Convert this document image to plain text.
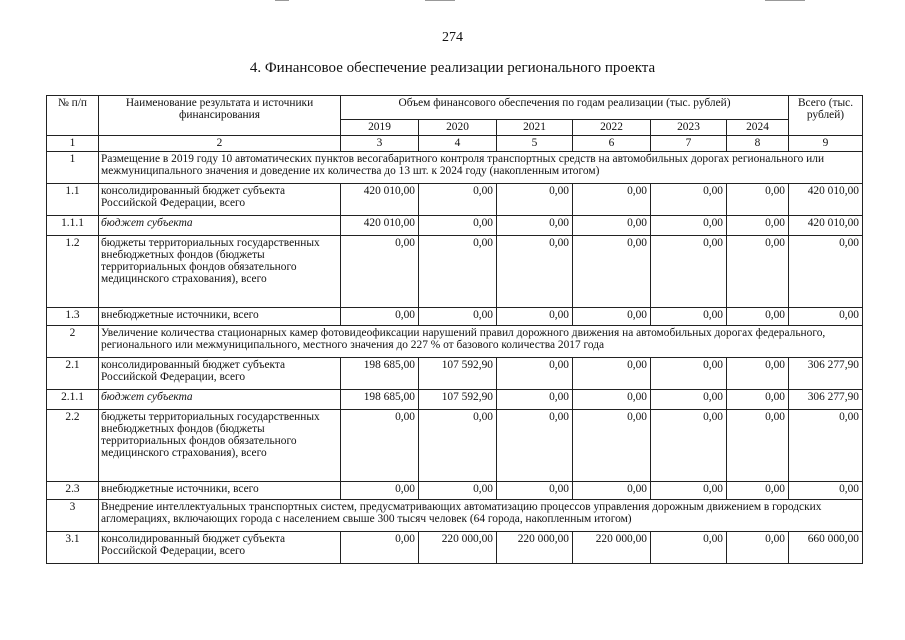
274
4. Финансовое обеспечение реализации регионального проекта
№ п/п	Наименование результата и источники финансирования	Объем финансового обеспечения по годам реализации (тыс. рублей)						Всего (тыс. рублей)
		2019	2020	2021	2022	2023	2024	
1	2	3	4	5	6	7	8	9
1	Размещение в 2019 году 10 автоматических пунктов весогабаритного контроля транспортных средств на автомобильных дорогах регионального или межмуниципального значения и доведение их количества до 13 шт. к 2024 году (накопленным итогом)							
1.1	консолидированный бюджет субъекта Российской Федерации, всего	420 010,00	0,00	0,00	0,00	0,00	0,00	420 010,00
1.1.1	бюджет субъекта	420 010,00	0,00	0,00	0,00	0,00	0,00	420 010,00
1.2	бюджеты территориальных государственных внебюджетных фондов (бюджеты территориальных фондов обязательного медицинского страхования), всего	0,00	0,00	0,00	0,00	0,00	0,00	0,00
1.3	внебюджетные источники, всего	0,00	0,00	0,00	0,00	0,00	0,00	0,00
2	Увеличение количества стационарных камер фотовидеофиксации нарушений правил дорожного движения на автомобильных дорогах федерального, регионального или межмуниципального, местного значения до 227 % от базового количества 2017 года							
2.1	консолидированный бюджет субъекта Российской Федерации, всего	198 685,00	107 592,90	0,00	0,00	0,00	0,00	306 277,90
2.1.1	бюджет субъекта	198 685,00	107 592,90	0,00	0,00	0,00	0,00	306 277,90
2.2	бюджеты территориальных государственных внебюджетных фондов (бюджеты территориальных фондов обязательного медицинского страхования), всего	0,00	0,00	0,00	0,00	0,00	0,00	0,00
2.3	внебюджетные источники, всего	0,00	0,00	0,00	0,00	0,00	0,00	0,00
3	Внедрение интеллектуальных транспортных систем, предусматривающих автоматизацию процессов управления дорожным движением в городских агломерациях, включающих города с населением свыше 300 тысяч человек (64 города, накопленным итогом)							
3.1	консолидированный бюджет субъекта Российской Федерации, всего	0,00	220 000,00	220 000,00	220 000,00	0,00	0,00	660 000,00
